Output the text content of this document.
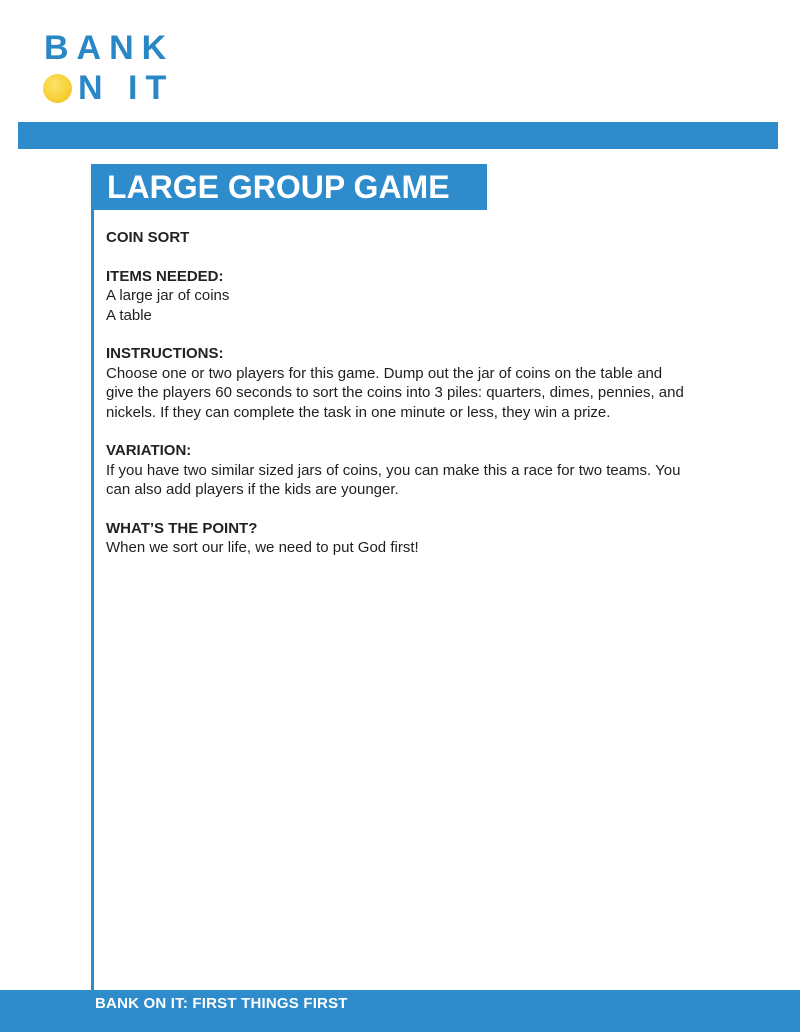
BANK
N IT
LARGE GROUP GAME
COIN SORT
ITEMS NEEDED:
A large jar of coins
A table
INSTRUCTIONS:
Choose one or two players for this game. Dump out the jar of coins on the table and
give the players 60 seconds to sort the coins into 3 piles: quarters, dimes, pennies, and
nickels. If they can complete the task in one minute or less, they win a prize.
VARIATION:
If you have two similar sized jars of coins, you can make this a race for two teams. You
can also add players if the kids are younger.
WHAT’S THE POINT?
When we sort our life, we need to put God first!
BANK ON IT: FIRST THINGS FIRST
